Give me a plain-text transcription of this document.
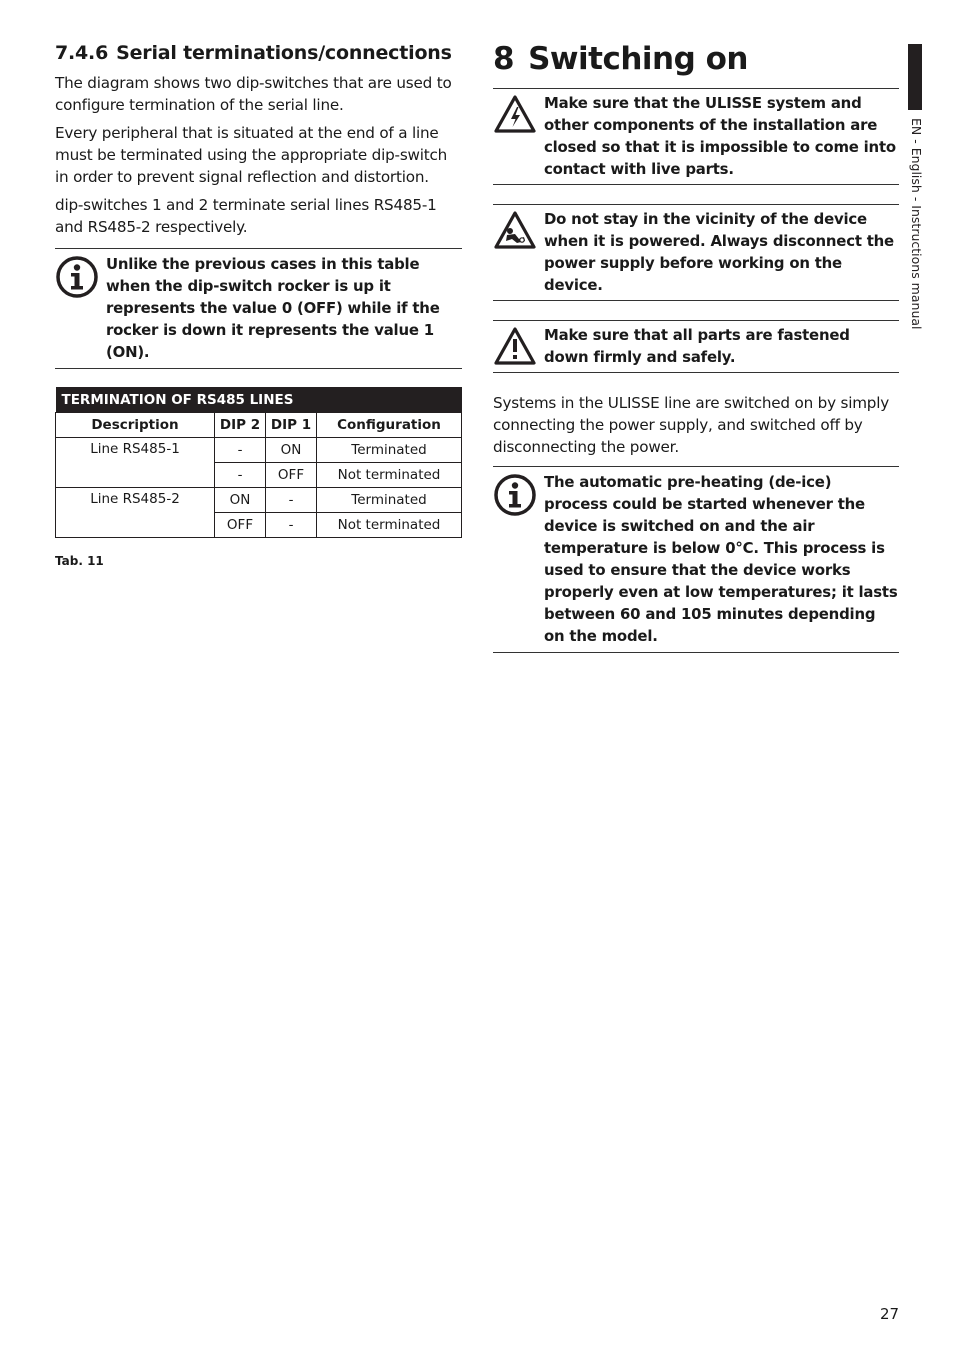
7.4.6 Serial terminations/connections

The diagram shows two dip-switches that are used to configure termination of the serial line.

Every peripheral that is situated at the end of a line must be terminated using the appropriate dip-switch in order to prevent signal reflection and distortion.

dip-switches 1 and 2 terminate serial lines RS485-1 and RS485-2 respectively.

Unlike the previous cases in this table when the dip-switch rocker is up it represents the value 0 (OFF) while if the rocker is down it represents the value 1 (ON).
TERMINATION OF RS485 LINES			
Description	DIP 2	DIP 1	Configuration
Line RS485-1	-	ON	Terminated
	-	OFF	Not terminated
Line RS485-2	ON	-	Terminated
	OFF	-	Not terminated
Tab. 11
8 Switching on
Make sure that the ULISSE system and other components of the installation are closed so that it is impossible to come into contact with live parts.
Do not stay in the vicinity of the device when it is powered. Always disconnect the power supply before working on the device.
Make sure that all parts are fastened down firmly and safely.

Systems in the ULISSE line are switched on by simply connecting the power supply, and switched off by disconnecting the power.

The automatic pre-heating (de-ice) process could be started whenever the device is switched on and the air temperature is below 0°C. This process is used to ensure that the device works properly even at low temperatures; it lasts between 60 and 105 minutes depending on the model.
EN - English - Instructions manual
27
